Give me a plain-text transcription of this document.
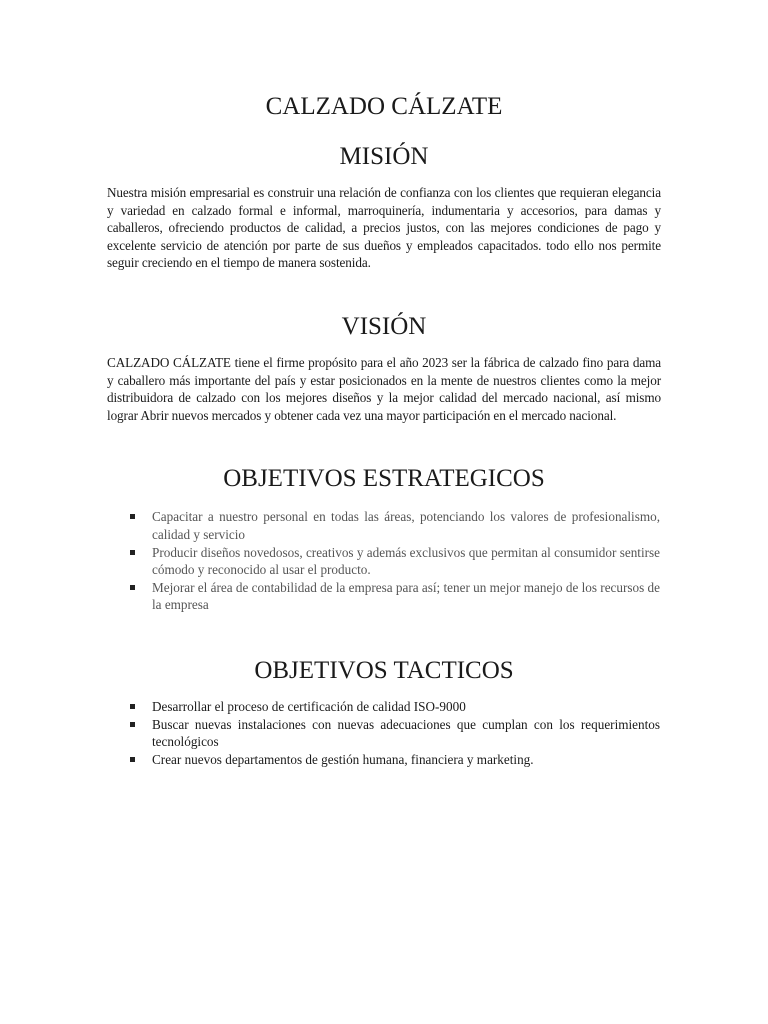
CALZADO CÁLZATE
MISIÓN

Nuestra misión empresarial es construir una relación de confianza con los clientes que requieran elegancia y variedad en calzado formal e informal, marroquinería, indumentaria y accesorios, para damas y caballeros, ofreciendo productos de calidad, a precios justos, con las mejores condiciones de pago y excelente servicio de atención por parte de sus dueños y empleados capacitados. todo ello nos permite seguir creciendo en el tiempo de manera sostenida.

VISIÓN

CALZADO CÁLZATE tiene el firme propósito para el año 2023 ser la fábrica de calzado fino para dama y caballero más importante del país y estar posicionados en la mente de nuestros clientes como la mejor distribuidora de calzado con los mejores diseños y la mejor calidad del mercado nacional, así mismo lograr Abrir nuevos mercados y obtener cada vez una mayor participación en el mercado nacional.

OBJETIVOS ESTRATEGICOS
Capacitar a nuestro personal en todas las áreas, potenciando los valores de profesionalismo, calidad y servicio
Producir diseños novedosos, creativos y además exclusivos que permitan al consumidor sentirse cómodo y reconocido al usar el producto.
Mejorar el área de contabilidad de la empresa para así; tener un mejor manejo de los recursos de la empresa
OBJETIVOS TACTICOS
Desarrollar el proceso de certificación de calidad ISO-9000
Buscar nuevas instalaciones con nuevas adecuaciones que cumplan con los requerimientos tecnológicos
Crear nuevos departamentos de gestión humana, financiera y marketing.
